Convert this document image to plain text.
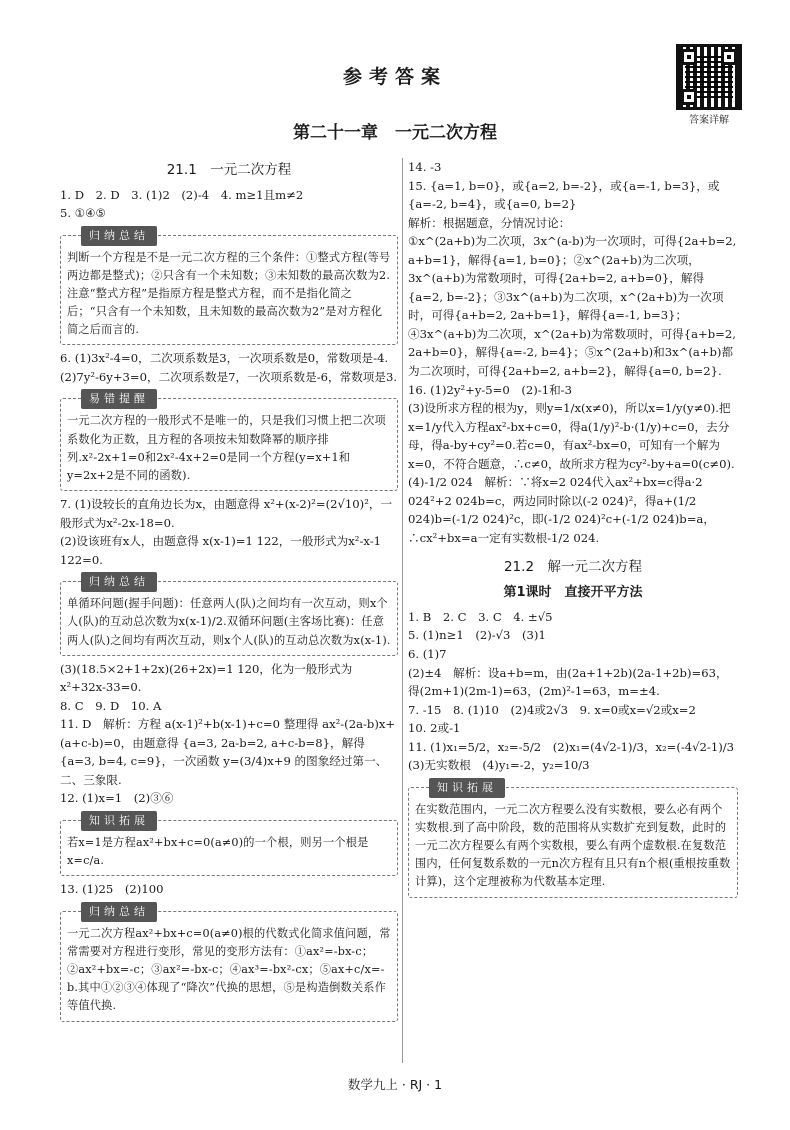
参考答案
答案详解
第二十一章　一元二次方程
21.1　一元二次方程
1. D　2. D　3. (1)2　(2)-4　4. m≥1且m≠2
5. ①④⑤
归纳总结
判断一个方程是不是一元二次方程的三个条件：①整式方程(等号两边都是整式)；②只含有一个未知数；③未知数的最高次数为2.注意“整式方程”是指原方程是整式方程，而不是指化简之后；“只含有一个未知数，且未知数的最高次数为2”是对方程化简之后而言的.
6. (1)3x²-4=0，二次项系数是3，一次项系数是0，常数项是-4.
(2)7y²-6y+3=0，二次项系数是7，一次项系数是-6，常数项是3.
易错提醒
一元二次方程的一般形式不是唯一的，只是我们习惯上把二次项系数化为正数，且方程的各项按未知数降幂的顺序排列.x²-2x+1=0和2x²-4x+2=0是同一个方程(y=x+1和y=2x+2是不同的函数).
7. (1)设较长的直角边长为x，由题意得 x²+(x-2)²=(2√10)²，一般形式为x²-2x-18=0.
(2)设该班有x人，由题意得 x(x-1)=1 122，一般形式为x²-x-1 122=0.
归纳总结
单循环问题(握手问题)：任意两人(队)之间均有一次互动，则x个人(队)的互动总次数为x(x-1)/2.双循环问题(主客场比赛)：任意两人(队)之间均有两次互动，则x个人(队)的互动总次数为x(x-1).
(3)(18.5×2+1+2x)(26+2x)=1 120，化为一般形式为x²+32x-33=0.
8. C　9. D　10. A
11. D　解析：方程 a(x-1)²+b(x-1)+c=0 整理得 ax²-(2a-b)x+(a+c-b)=0，由题意得 {a=3, 2a-b=2, a+c-b=8}，解得 {a=3, b=4, c=9}，一次函数 y=(3/4)x+9 的图象经过第一、二、三象限.
12. (1)x=1　(2)③⑥
知识拓展
若x=1是方程ax²+bx+c=0(a≠0)的一个根，则另一个根是x=c/a.
13. (1)25　(2)100
归纳总结
一元二次方程ax²+bx+c=0(a≠0)根的代数式化简求值问题，常常需要对方程进行变形，常见的变形方法有：①ax²=-bx-c；②ax²+bx=-c；③ax²=-bx-c；④ax³=-bx²-cx；⑤ax+c/x=-b.其中①②③④体现了“降次”代换的思想，⑤是构造倒数关系作等值代换.
14. -3
15. {a=1, b=0}，或{a=2, b=-2}，或{a=-1, b=3}，或{a=-2, b=4}，或{a=0, b=2}
解析：根据题意，分情况讨论：
①x^(2a+b)为二次项，3x^(a-b)为一次项时，可得{2a+b=2, a+b=1}，解得{a=1, b=0}；②x^(2a+b)为二次项，3x^(a+b)为常数项时，可得{2a+b=2, a+b=0}，解得{a=2, b=-2}；③3x^(a+b)为二次项，x^(2a+b)为一次项时，可得{a+b=2, 2a+b=1}，解得{a=-1, b=3}；④3x^(a+b)为二次项，x^(2a+b)为常数项时，可得{a+b=2, 2a+b=0}，解得{a=-2, b=4}；⑤x^(2a+b)和3x^(a+b)都为二次项时，可得{2a+b=2, a+b=2}，解得{a=0, b=2}.
16. (1)2y²+y-5=0　(2)-1和-3
(3)设所求方程的根为y，则y=1/x(x≠0)，所以x=1/y(y≠0).把x=1/y代入方程ax²-bx+c=0，得a(1/y)²-b·(1/y)+c=0，去分母，得a-by+cy²=0.若c=0，有ax²-bx=0，可知有一个解为x=0，不符合题意，∴c≠0，故所求方程为cy²-by+a=0(c≠0).
(4)-1/2 024　解析：∵将x=2 024代入ax²+bx=c得a·2 024²+2 024b=c，两边同时除以(-2 024)²，得a+(1/2 024)b=(-1/2 024)²c，即(-1/2 024)²c+(-1/2 024)b=a，∴cx²+bx=a一定有实数根-1/2 024.
21.2　解一元二次方程
第1课时　直接开平方法
1. B　2. C　3. C　4. ±√5
5. (1)n≥1　(2)-√3　(3)1
6. (1)7
(2)±4　解析：设a+b=m，由(2a+1+2b)(2a-1+2b)=63，得(2m+1)(2m-1)=63，(2m)²-1=63，m=±4.
7. -15　8. (1)10　(2)4或2√3　9. x=0或x=√2或x=2
10. 2或-1
11. (1)x₁=5/2，x₂=-5/2　(2)x₁=(4√2-1)/3，x₂=(-4√2-1)/3
(3)无实数根　(4)y₁=-2，y₂=10/3
知识拓展
在实数范围内，一元二次方程要么没有实数根，要么必有两个实数根.到了高中阶段，数的范围将从实数扩充到复数，此时的一元二次方程要么有两个实数根，要么有两个虚数根.在复数范围内，任何复数系数的一元n次方程有且只有n个根(重根按重数计算)，这个定理被称为代数基本定理.
数学九上 · RJ · 1
